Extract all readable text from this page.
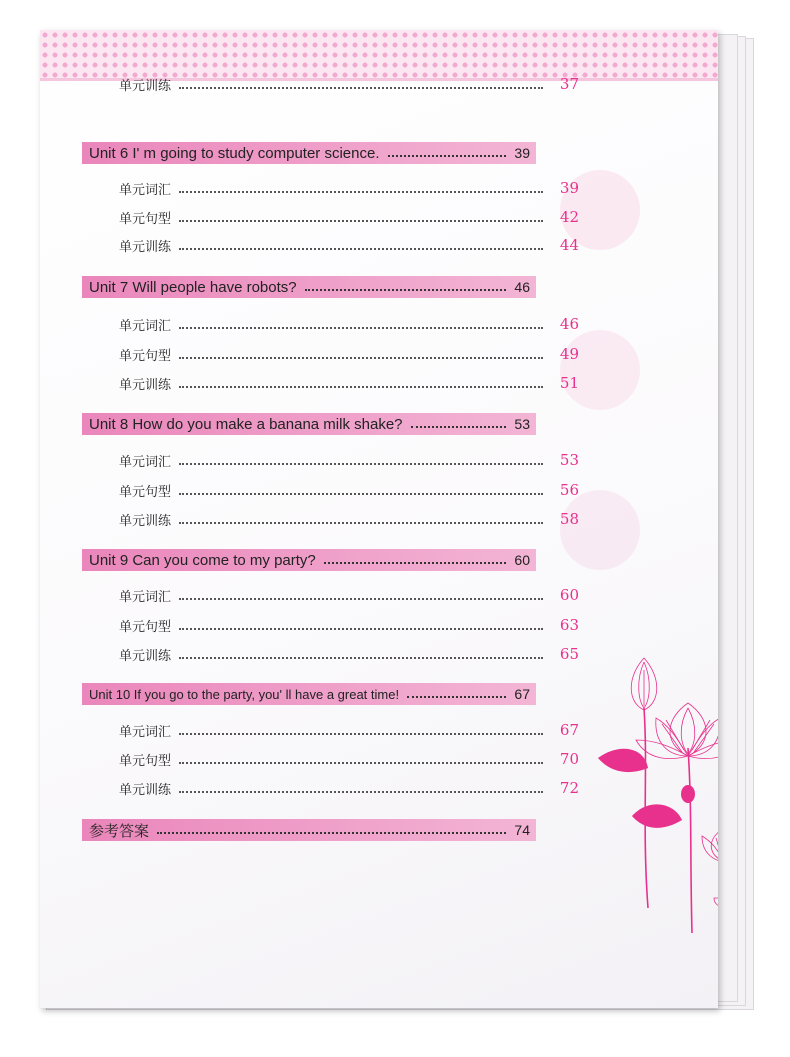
单元训练	37
Unit 6 I' m going to study computer science.	39
单元词汇	39
单元句型	42
单元训练	44
Unit 7 Will people have robots?	46
单元词汇	46
单元句型	49
单元训练	51
Unit 8 How do you make a banana milk shake?	53
单元词汇	53
单元句型	56
单元训练	58
Unit 9 Can you come to my party?	60
单元词汇	60
单元句型	63
单元训练	65
Unit 10 If you go to the party, you' ll have a great time!	67
单元词汇	67
单元句型	70
单元训练	72
参考答案	74
